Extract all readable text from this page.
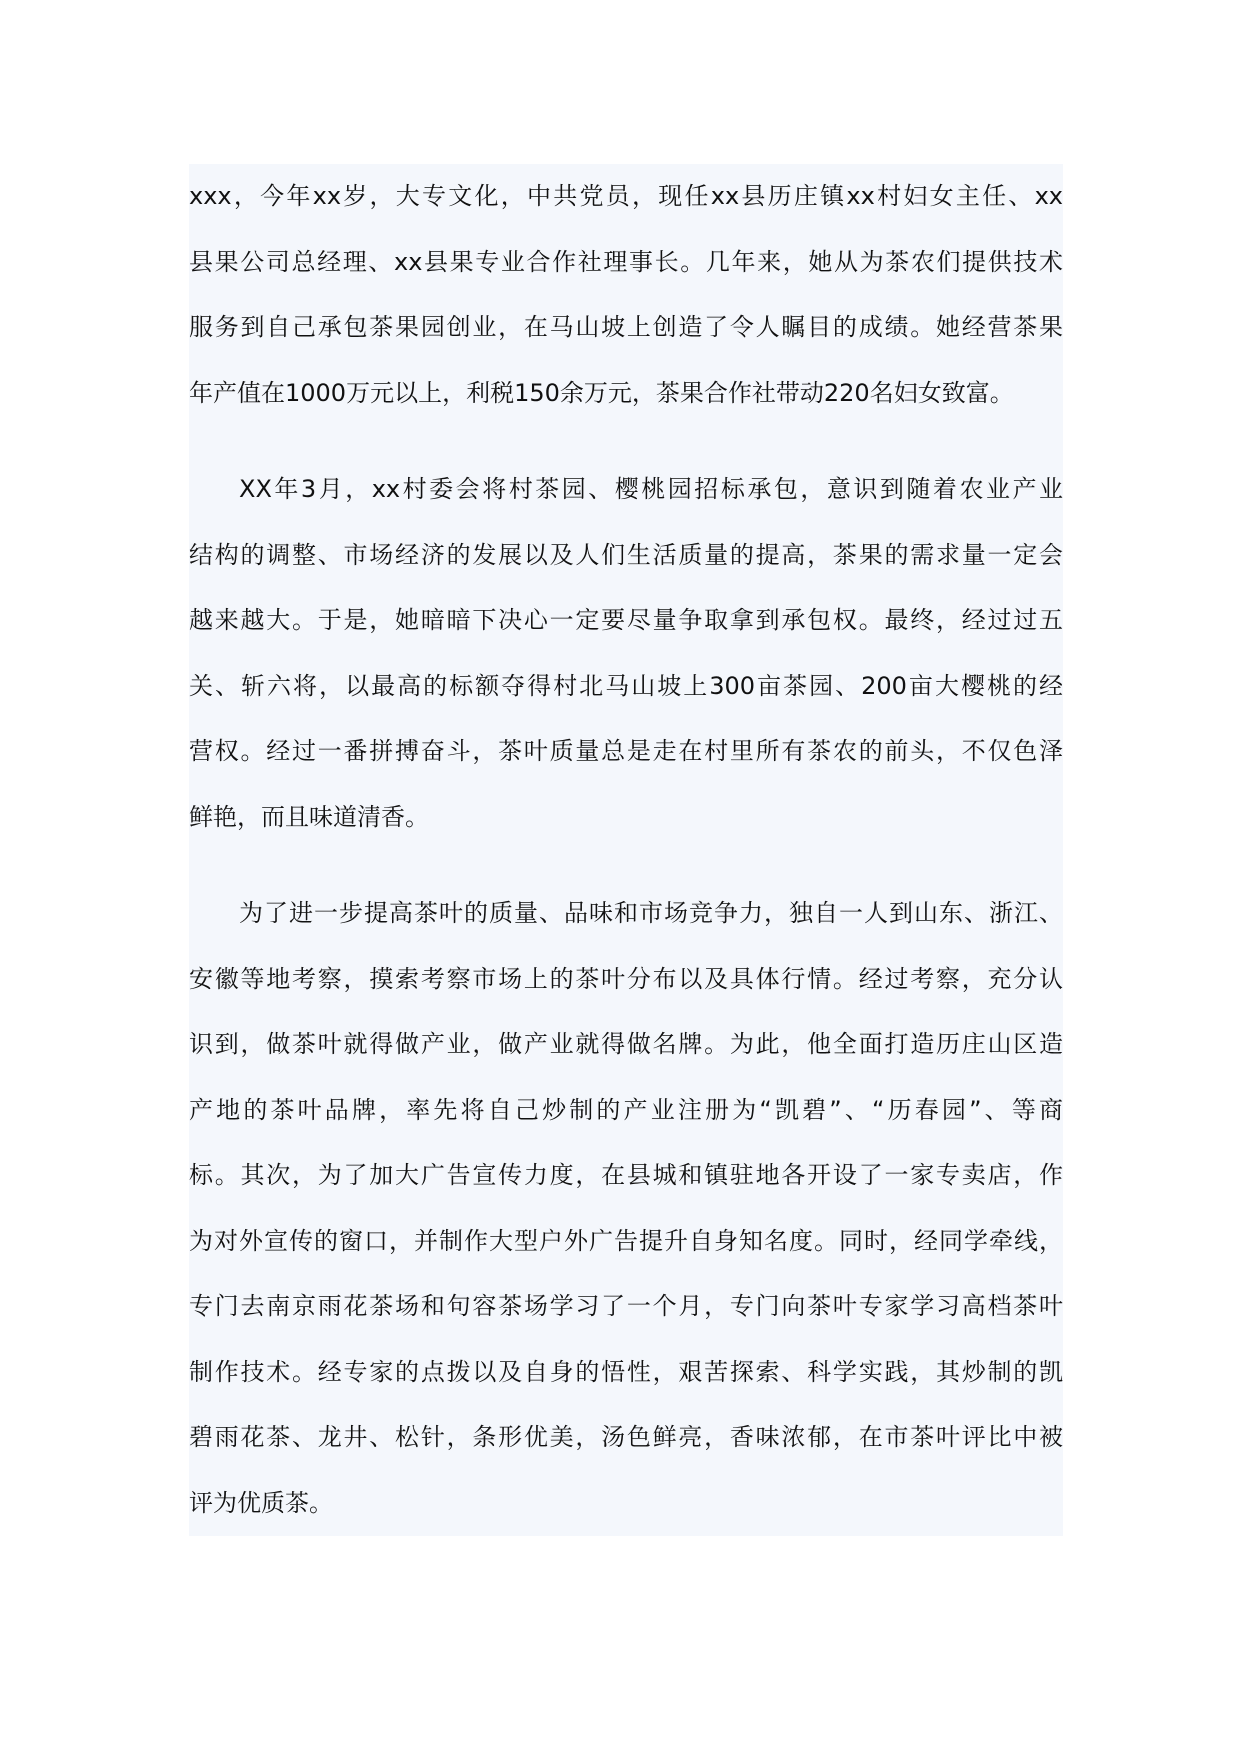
xxx，今年xx岁，大专文化，中共党员，现任xx县历庄镇xx村妇女主任、xx
县果公司总经理、xx县果专业合作社理事长。几年来，她从为茶农们提供技术
服务到自己承包茶果园创业，在马山坡上创造了令人瞩目的成绩。她经营茶果
年产值在1000万元以上，利税150余万元，茶果合作社带动220名妇女致富。
XX年3月，xx村委会将村茶园、樱桃园招标承包，意识到随着农业产业
结构的调整、市场经济的发展以及人们生活质量的提高，茶果的需求量一定会
越来越大。于是，她暗暗下决心一定要尽量争取拿到承包权。最终，经过过五
关、斩六将，以最高的标额夺得村北马山坡上300亩茶园、200亩大樱桃的经
营权。经过一番拼搏奋斗，茶叶质量总是走在村里所有茶农的前头，不仅色泽
鲜艳，而且味道清香。
为了进一步提高茶叶的质量、品味和市场竞争力，独自一人到山东、浙江、
安徽等地考察，摸索考察市场上的茶叶分布以及具体行情。经过考察，充分认
识到，做茶叶就得做产业，做产业就得做名牌。为此，他全面打造历庄山区造
产地的茶叶品牌，率先将自己炒制的产业注册为“凯碧”、“历春园”、等商
标。其次，为了加大广告宣传力度，在县城和镇驻地各开设了一家专卖店，作
为对外宣传的窗口，并制作大型户外广告提升自身知名度。同时，经同学牵线，
专门去南京雨花茶场和句容茶场学习了一个月，专门向茶叶专家学习高档茶叶
制作技术。经专家的点拨以及自身的悟性，艰苦探索、科学实践，其炒制的凯
碧雨花茶、龙井、松针，条形优美，汤色鲜亮，香味浓郁，在市茶叶评比中被
评为优质茶。
